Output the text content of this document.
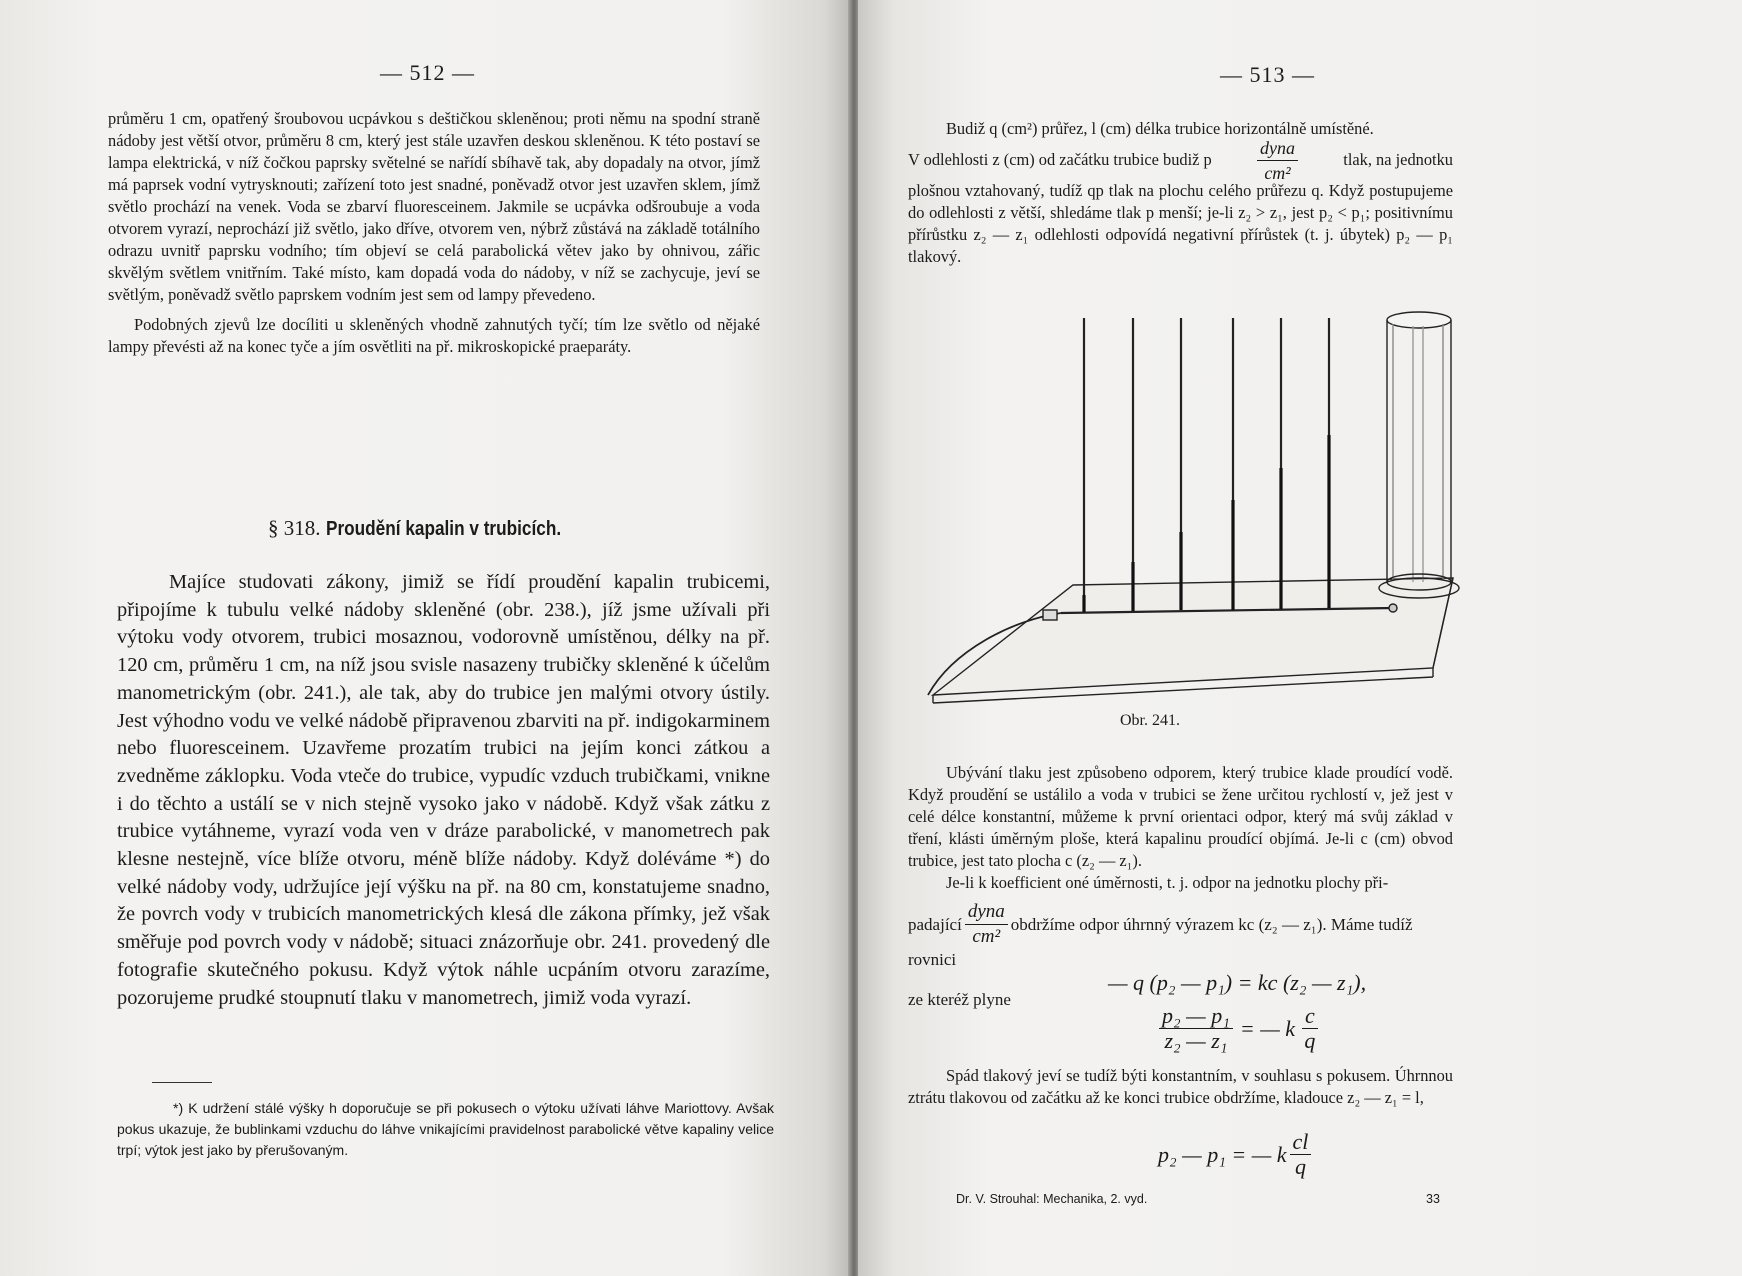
— 512 —

průměru 1 cm, opatřený šroubovou ucpávkou s deštičkou skleněnou; proti němu na spodní straně nádoby jest větší otvor, průměru 8 cm, který jest stále uzavřen deskou skleněnou. K této postaví se lampa elektrická, v níž čočkou paprsky světelné se nařídí sbíhavě tak, aby dopadaly na otvor, jímž má paprsek vodní vytrysknouti; zařízení toto jest snadné, poněvadž otvor jest uzavřen sklem, jímž světlo prochází na venek. Voda se zbarví fluoresceinem. Jakmile se ucpávka odšroubuje a voda otvorem vyrazí, neprochází již světlo, jako dříve, otvorem ven, nýbrž zůstává na základě totálního odrazu uvnitř paprsku vodního; tím objeví se celá parabolická větev jako by ohnivou, zářic skvělým světlem vnitřním. Také místo, kam dopadá voda do nádoby, v níž se zachycuje, jeví se světlým, poněvadž světlo paprskem vodním jest sem od lampy převedeno.

Podobných zjevů lze docíliti u skleněných vhodně zahnutých tyčí; tím lze světlo od nějaké lampy převésti až na konec tyče a jím osvětliti na př. mikroskopické praeparáty.

§ 318. Proudění kapalin v trubicích.

Majíce studovati zákony, jimiž se řídí proudění kapalin trubicemi, připojíme k tubulu velké nádoby skleněné (obr. 238.), jíž jsme užívali při výtoku vody otvorem, trubici mosaznou, vodorovně umístěnou, délky na př. 120 cm, průměru 1 cm, na níž jsou svisle nasazeny trubičky skleněné k účelům manometrickým (obr. 241.), ale tak, aby do trubice jen malými otvory ústily. Jest výhodno vodu ve velké nádobě připravenou zbarviti na př. indigokarminem nebo fluoresceinem. Uzavřeme prozatím trubici na jejím konci zátkou a zvedněme záklopku. Voda vteče do trubice, vypudíc vzduch trubičkami, vnikne i do těchto a ustálí se v nich stejně vysoko jako v nádobě. Když však zátku z trubice vytáhneme, vyrazí voda ven v dráze parabolické, v manometrech pak klesne nestejně, více blíže otvoru, méně blíže nádoby. Když doléváme *) do velké nádoby vody, udržujíce její výšku na př. na 80 cm, konstatujeme snadno, že povrch vody v trubicích manometrických klesá dle zákona přímky, jež však směřuje pod povrch vody v nádobě; situaci znázorňuje obr. 241. provedený dle fotografie skutečného pokusu. Když výtok náhle ucpáním otvoru zarazíme, pozorujeme prudké stoupnutí tlaku v manometrech, jimiž voda vyrazí.

*) K udržení stálé výšky h doporučuje se při pokusech o výtoku užívati láhve Mariottovy. Avšak pokus ukazuje, že bublinkami vzduchu do láhve vnikajícími pravidelnost parabolické větve kapaliny velice trpí; výtok jest jako by přerušovaným.

— 513 —

Budiž q (cm²) průřez, l (cm) délka trubice horizontálně umístěné.

V odlehlosti z (cm) od začátku trubice budiž p	$\frac{\text{dyna}}{\text{cm²}}$	tlak, na jednotku

plošnou vztahovaný, tudíž qp tlak na plochu celého průřezu q. Když postupujeme do odlehlosti z větší, shledáme tlak p menší; je-li z₂ > z₁, jest p₂ < p₁; positivnímu přírůstku z₂ — z₁ odlehlosti odpovídá negativní přírůstek (t. j. úbytek) p₂ — p₁ tlakový.

Obr. 241.

Ubývání tlaku jest způsobeno odporem, který trubice klade proudící vodě. Když proudění se ustálilo a voda v trubici se žene určitou rychlostí v, jež jest v celé délce konstantní, můžeme k první orientaci odpor, který má svůj základ v tření, klásti úměrným ploše, která kapalinu proudící objímá. Je-li c (cm) obvod trubice, jest tato plocha c (z₂ — z₁).

Je-li k koefficient oné úměrnosti, t. j. odpor na jednotku plochy při-

padající $\frac{\text{dyna}}{\text{cm²}}$ obdržíme odpor úhrnný výrazem kc (z₂ — z₁). Máme tudíž
rovnici
— q (p₂ — p₁) = kc (z₂ — z₁),
ze kteréž plyne
$\frac{\text{p₂ — p₁}}{\text{z₂ — z₁}}$ = — k $\frac{c}{q}$

Spád tlakový jeví se tudíž býti konstantním, v souhlasu s pokusem. Úhrnnou ztrátu tlakovou od začátku až ke konci trubice obdržíme, kladouce z₂ — z₁ = l,

p₂ — p₁ = — k $\frac{cl}{q}$
Dr. V. Strouhal: Mechanika, 2. vyd.	33
